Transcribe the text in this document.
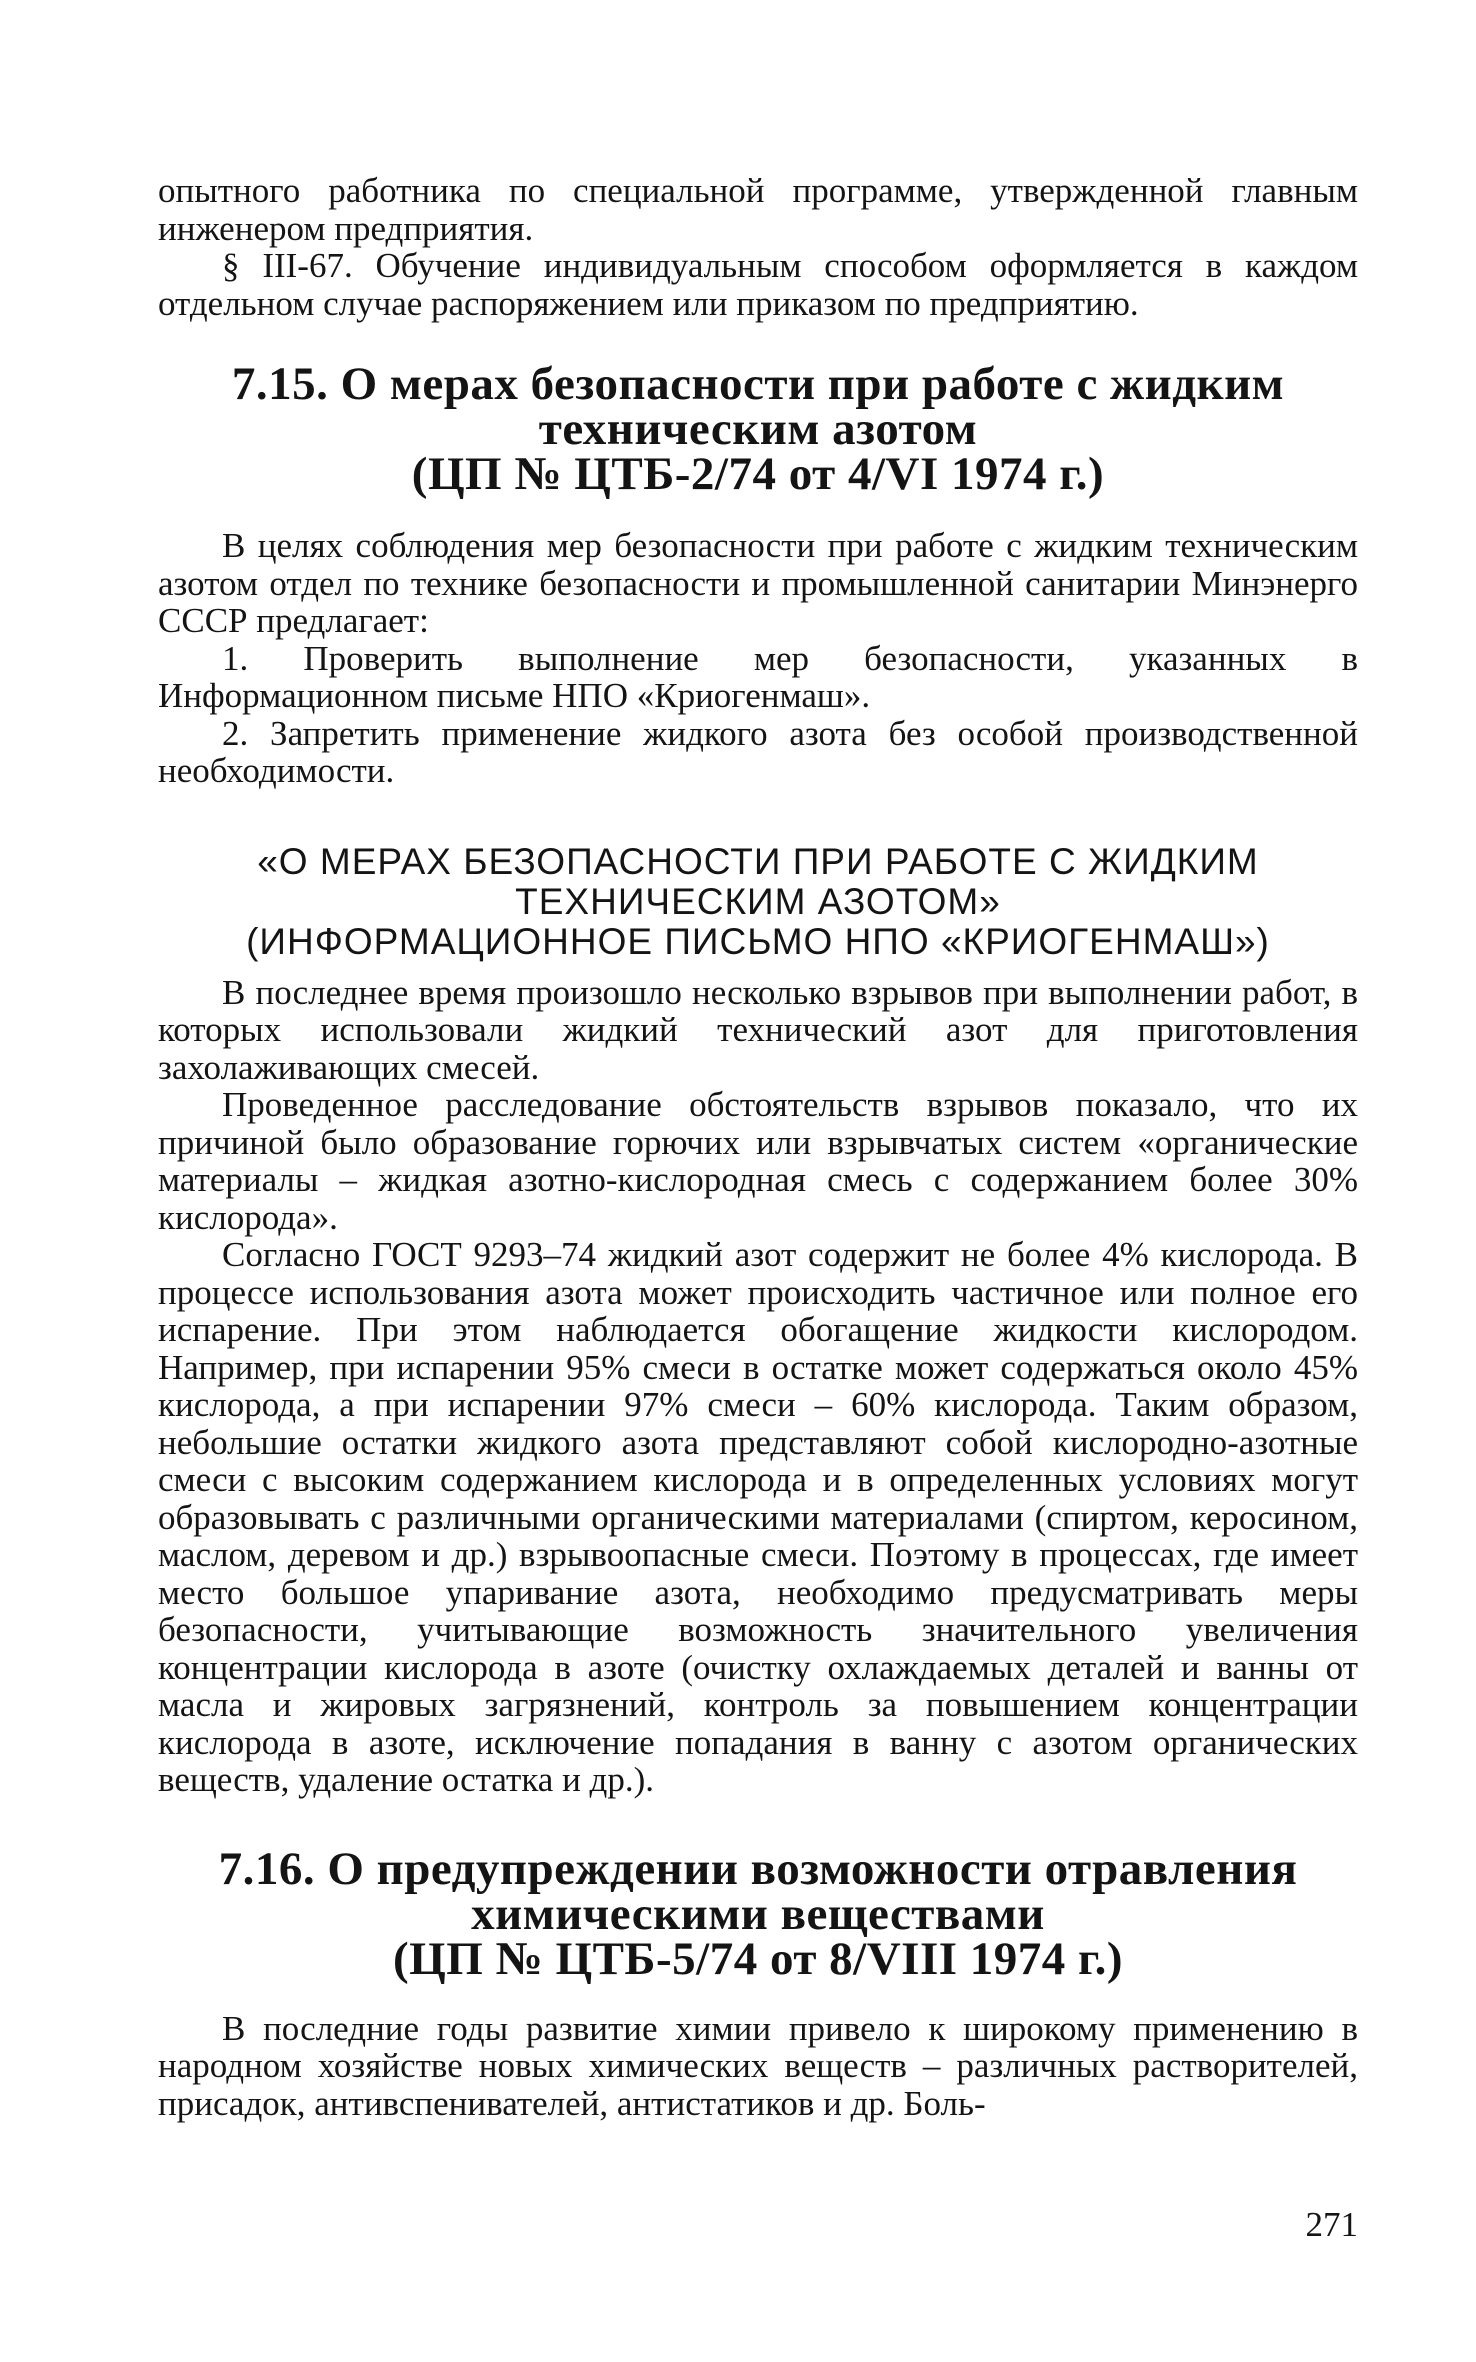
опытного работника по специальной программе, утвержденной главным инженером предприятия.

§ III-67. Обучение индивидуальным способом оформляется в каждом отдельном случае распоряжением или приказом по предприятию.

7.15. О мерах безопасности при работе с жидким
техническим азотом
(ЦП № ЦТБ-2/74 от 4/VI 1974 г.)

В целях соблюдения мер безопасности при работе с жидким техническим азотом отдел по технике безопасности и промышленной санитарии Минэнерго СССР предлагает:

1. Проверить выполнение мер безопасности, указанных в Информационном письме НПО «Криогенмаш».

2. Запретить применение жидкого азота без особой производственной необходимости.

«О МЕРАХ БЕЗОПАСНОСТИ ПРИ РАБОТЕ С ЖИДКИМ
ТЕХНИЧЕСКИМ АЗОТОМ»
(ИНФОРМАЦИОННОЕ ПИСЬМО НПО «КРИОГЕНМАШ»)

В последнее время произошло несколько взрывов при выполнении работ, в которых использовали жидкий технический азот для приготовления захолаживающих смесей.

Проведенное расследование обстоятельств взрывов показало, что их причиной было образование горючих или взрывчатых систем «органические материалы – жидкая азотно-кислородная смесь с содержанием более 30% кислорода».

Согласно ГОСТ 9293–74 жидкий азот содержит не более 4% кислорода. В процессе использования азота может происходить частичное или полное его испарение. При этом наблюдается обогащение жидкости кислородом. Например, при испарении 95% смеси в остатке может содержаться около 45% кислорода, а при испарении 97% смеси – 60% кислорода. Таким образом, небольшие остатки жидкого азота представляют собой кислородно-азотные смеси с высоким содержанием кислорода и в определенных условиях могут образовывать с различными органическими материалами (спиртом, керосином, маслом, деревом и др.) взрывоопасные смеси. Поэтому в процессах, где имеет место большое упаривание азота, необходимо предусматривать меры безопасности, учитывающие возможность значительного увеличения концентрации кислорода в азоте (очистку охлаждаемых деталей и ванны от масла и жировых загрязнений, контроль за повышением концентрации кислорода в азоте, исключение попадания в ванну с азотом органических веществ, удаление остатка и др.).

7.16. О предупреждении возможности отравления
химическими веществами
(ЦП № ЦТБ-5/74 от 8/VIII 1974 г.)

В последние годы развитие химии привело к широкому применению в народном хозяйстве новых химических веществ – различных растворителей, присадок, антивспенивателей, антистатиков и др. Боль-

271
